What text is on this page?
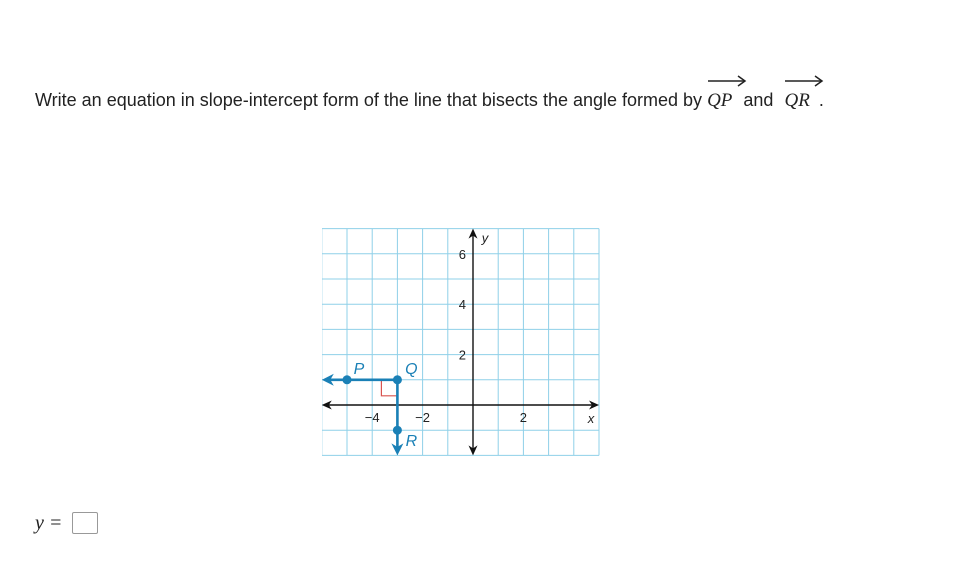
Write an equation in slope-intercept form of the line that bisects the angle formed by QP and QR .
−4	−2	2
2
4
6
x
y
P	Q
R
y =
